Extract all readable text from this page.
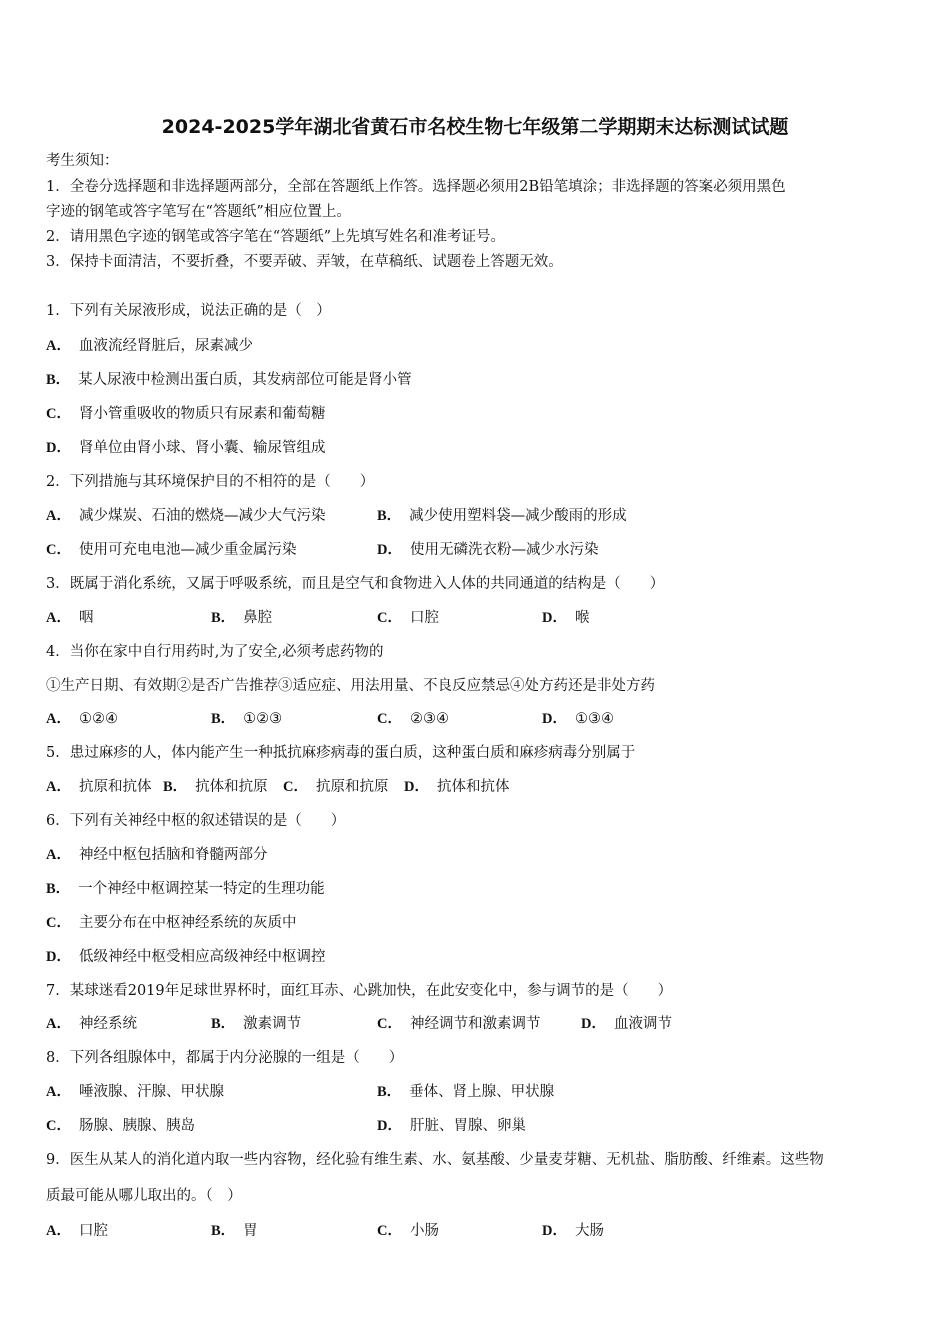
2024-2025学年湖北省黄石市名校生物七年级第二学期期末达标测试试题
考生须知：
1．全卷分选择题和非选择题两部分，全部在答题纸上作答。选择题必须用2B铅笔填涂；非选择题的答案必须用黑色
字迹的钢笔或答字笔写在“答题纸”相应位置上。
2．请用黑色字迹的钢笔或答字笔在“答题纸”上先填写姓名和准考证号。
3．保持卡面清洁，不要折叠，不要弄破、弄皱，在草稿纸、试题卷上答题无效。
1．下列有关尿液形成，说法正确的是（　）
A． 血液流经肾脏后，尿素减少
B． 某人尿液中检测出蛋白质，其发病部位可能是肾小管
C． 肾小管重吸收的物质只有尿素和葡萄糖
D． 肾单位由肾小球、肾小囊、输尿管组成
2．下列措施与其环境保护目的不相符的是（　　）
A． 减少煤炭、石油的燃烧—减少大气污染	B． 减少使用塑料袋—减少酸雨的形成
C． 使用可充电电池—减少重金属污染	D． 使用无磷洗衣粉—减少水污染
3．既属于消化系统，又属于呼吸系统，而且是空气和食物进入人体的共同通道的结构是（　　）
A． 咽	B． 鼻腔	C． 口腔	D． 喉
4．当你在家中自行用药时,为了安全,必须考虑药物的
①生产日期、有效期②是否广告推荐③适应症、用法用量、不良反应禁忌④处方药还是非处方药
A． ①②④	B． ①②③	C． ②③④	D． ①③④
5．患过麻疹的人，体内能产生一种抵抗麻疹病毒的蛋白质，这种蛋白质和麻疹病毒分别属于
A． 抗原和抗体 B． 抗体和抗原 C． 抗原和抗原 D． 抗体和抗体
6．下列有关神经中枢的叙述错误的是（　　）
A． 神经中枢包括脑和脊髓两部分
B． 一个神经中枢调控某一特定的生理功能
C． 主要分布在中枢神经系统的灰质中
D． 低级神经中枢受相应高级神经中枢调控
7．某球迷看2019年足球世界杯时，面红耳赤、心跳加快，在此安变化中，参与调节的是（　　）
A． 神经系统	B． 激素调节	C． 神经调节和激素调节	D． 血液调节
8．下列各组腺体中，都属于内分泌腺的一组是（　　）
A． 唾液腺、汗腺、甲状腺	B． 垂体、肾上腺、甲状腺
C． 肠腺、胰腺、胰岛	D． 肝脏、胃腺、卵巢
9．医生从某人的消化道内取一些内容物，经化验有维生素、水、氨基酸、少量麦芽糖、无机盐、脂肪酸、纤维素。这些物
质最可能从哪儿取出的。（　）
A． 口腔	B． 胃	C． 小肠	D． 大肠
